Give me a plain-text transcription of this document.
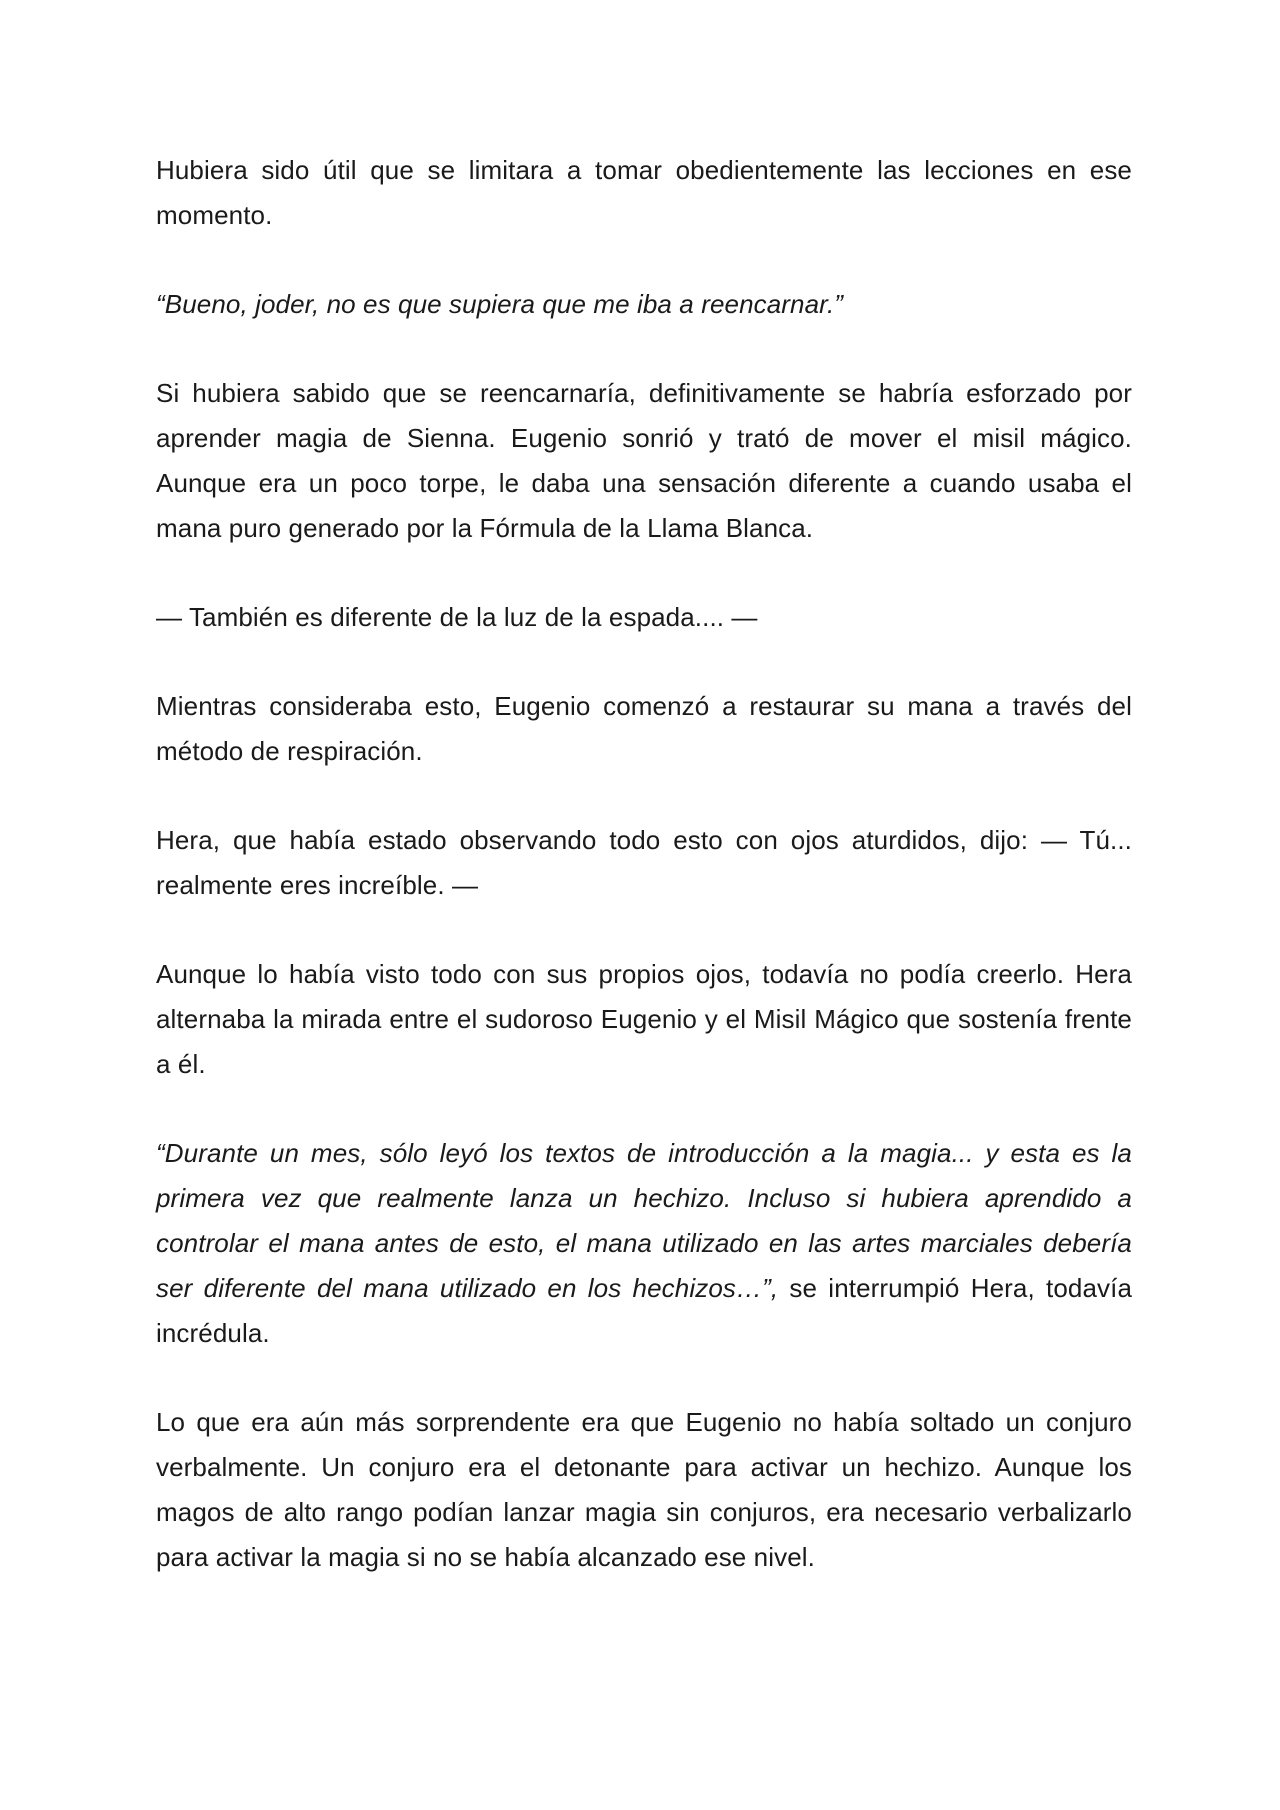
Hubiera sido útil que se limitara a tomar obedientemente las lecciones en ese momento.

“Bueno, joder, no es que supiera que me iba a reencarnar.”

Si hubiera sabido que se reencarnaría, definitivamente se habría esforzado por aprender magia de Sienna. Eugenio sonrió y trató de mover el misil mágico. Aunque era un poco torpe, le daba una sensación diferente a cuando usaba el mana puro generado por la Fórmula de la Llama Blanca.

— También es diferente de la luz de la espada.... —

Mientras consideraba esto, Eugenio comenzó a restaurar su mana a través del método de respiración.

Hera, que había estado observando todo esto con ojos aturdidos, dijo: — Tú... realmente eres increíble. —

Aunque lo había visto todo con sus propios ojos, todavía no podía creerlo. Hera alternaba la mirada entre el sudoroso Eugenio y el Misil Mágico que sostenía frente a él.

“Durante un mes, sólo leyó los textos de introducción a la magia... y esta es la primera vez que realmente lanza un hechizo. Incluso si hubiera aprendido a controlar el mana antes de esto, el mana utilizado en las artes marciales debería ser diferente del mana utilizado en los hechizos…”, se interrumpió Hera, todavía incrédula.

Lo que era aún más sorprendente era que Eugenio no había soltado un conjuro verbalmente. Un conjuro era el detonante para activar un hechizo. Aunque los magos de alto rango podían lanzar magia sin conjuros, era necesario verbalizarlo para activar la magia si no se había alcanzado ese nivel.
